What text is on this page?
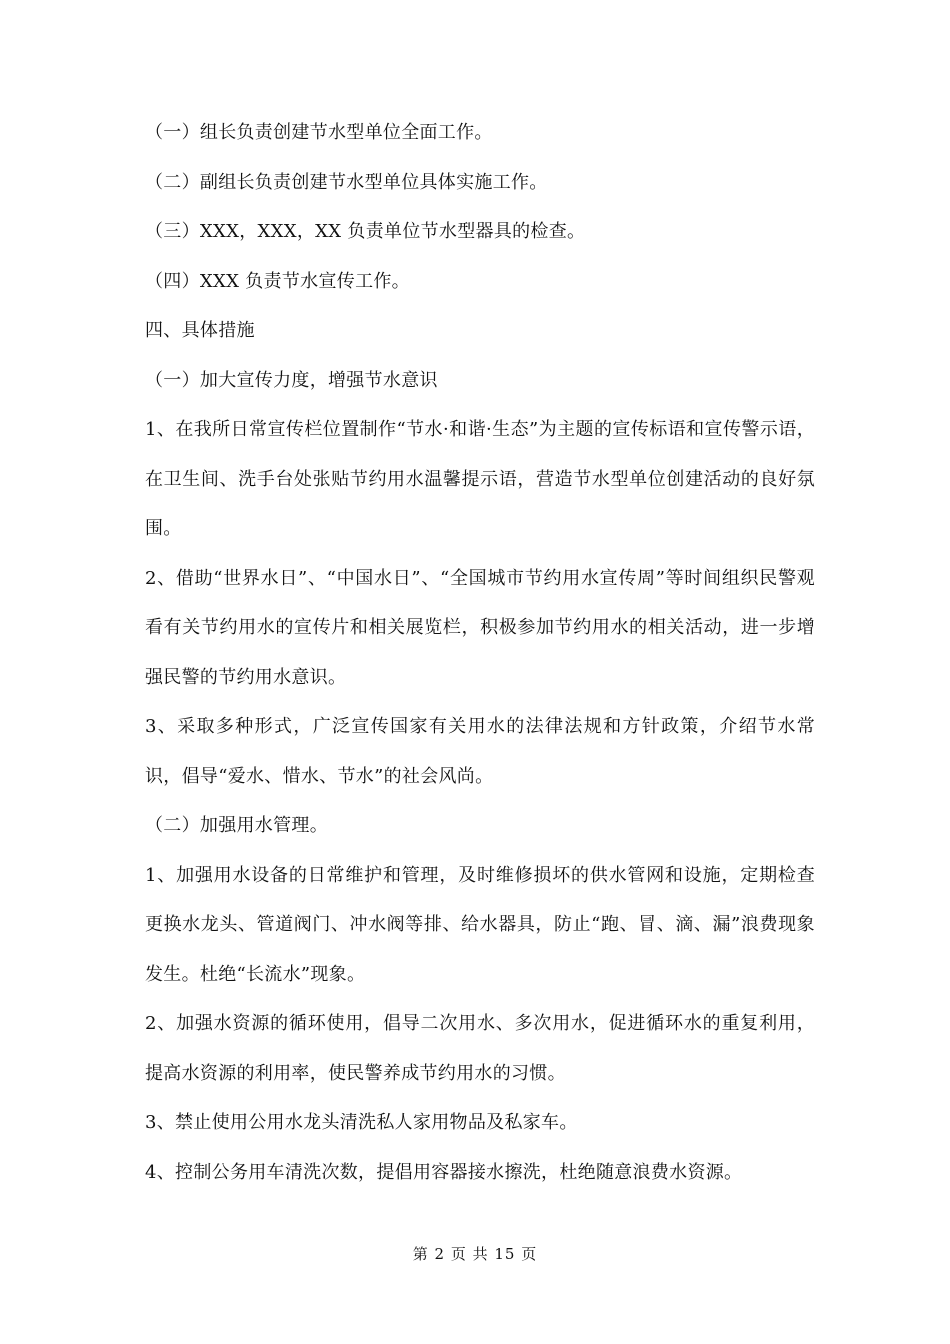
（一）组长负责创建节水型单位全面工作。

（二）副组长负责创建节水型单位具体实施工作。

（三）XXX，XXX，XX 负责单位节水型器具的检查。

（四）XXX 负责节水宣传工作。

四、具体措施

（一）加大宣传力度，增强节水意识

1、在我所日常宣传栏位置制作“节水·和谐·生态”为主题的宣传标语和宣传警示语，在卫生间、洗手台处张贴节约用水温馨提示语，营造节水型单位创建活动的良好氛围。

2、借助“世界水日”、“中国水日”、“全国城市节约用水宣传周”等时间组织民警观看有关节约用水的宣传片和相关展览栏，积极参加节约用水的相关活动，进一步增强民警的节约用水意识。

3、采取多种形式，广泛宣传国家有关用水的法律法规和方针政策，介绍节水常识，倡导“爱水、惜水、节水”的社会风尚。

（二）加强用水管理。

1、加强用水设备的日常维护和管理，及时维修损坏的供水管网和设施，定期检查更换水龙头、管道阀门、冲水阀等排、给水器具，防止“跑、冒、滴、漏”浪费现象发生。杜绝“长流水”现象。

2、加强水资源的循环使用，倡导二次用水、多次用水，促进循环水的重复利用，提高水资源的利用率，使民警养成节约用水的习惯。

3、禁止使用公用水龙头清洗私人家用物品及私家车。

4、控制公务用车清洗次数，提倡用容器接水擦洗，杜绝随意浪费水资源。

第 2 页 共 15 页
